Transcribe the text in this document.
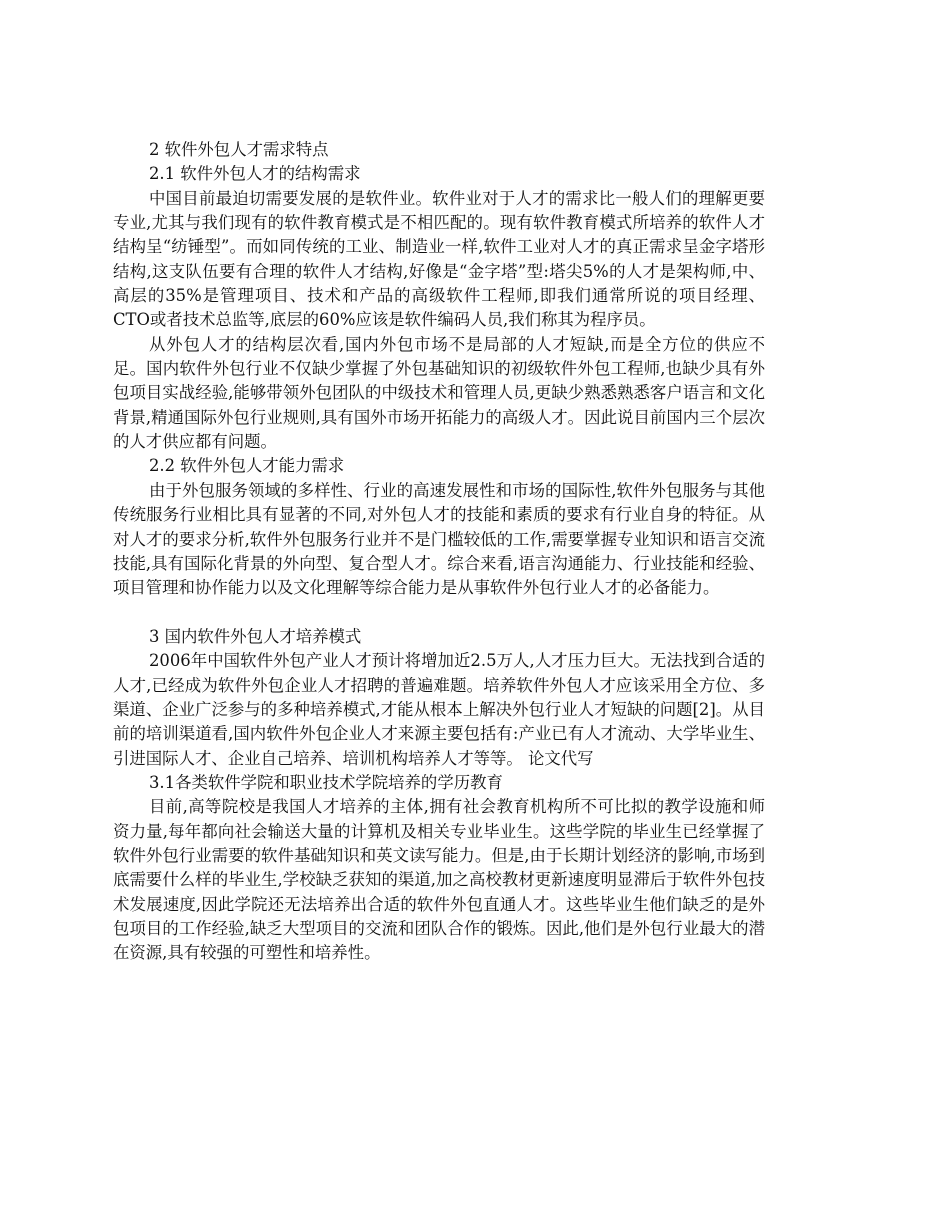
2 软件外包人才需求特点
2.1 软件外包人才的结构需求

中国目前最迫切需要发展的是软件业。软件业对于人才的需求比一般人们的理解更要专业,尤其与我们现有的软件教育模式是不相匹配的。现有软件教育模式所培养的软件人才结构呈“纺锤型”。而如同传统的工业、制造业一样,软件工业对人才的真正需求呈金字塔形结构,这支队伍要有合理的软件人才结构,好像是“金字塔”型:塔尖5%的人才是架构师,中、高层的35%是管理项目、技术和产品的高级软件工程师,即我们通常所说的项目经理、CTO或者技术总监等,底层的60%应该是软件编码人员,我们称其为程序员。

从外包人才的结构层次看,国内外包市场不是局部的人才短缺,而是全方位的供应不足。国内软件外包行业不仅缺少掌握了外包基础知识的初级软件外包工程师,也缺少具有外包项目实战经验,能够带领外包团队的中级技术和管理人员,更缺少熟悉熟悉客户语言和文化背景,精通国际外包行业规则,具有国外市场开拓能力的高级人才。因此说目前国内三个层次的人才供应都有问题。

2.2 软件外包人才能力需求

由于外包服务领域的多样性、行业的高速发展性和市场的国际性,软件外包服务与其他传统服务行业相比具有显著的不同,对外包人才的技能和素质的要求有行业自身的特征。从对人才的要求分析,软件外包服务行业并不是门槛较低的工作,需要掌握专业知识和语言交流技能,具有国际化背景的外向型、复合型人才。综合来看,语言沟通能力、行业技能和经验、项目管理和协作能力以及文化理解等综合能力是从事软件外包行业人才的必备能力。

3 国内软件外包人才培养模式

2006年中国软件外包产业人才预计将增加近2.5万人,人才压力巨大。无法找到合适的人才,已经成为软件外包企业人才招聘的普遍难题。培养软件外包人才应该采用全方位、多渠道、企业广泛参与的多种培养模式,才能从根本上解决外包行业人才短缺的问题[2]。从目前的培训渠道看,国内软件外包企业人才来源主要包括有:产业已有人才流动、大学毕业生、引进国际人才、企业自己培养、培训机构培养人才等等。 论文代写

3.1各类软件学院和职业技术学院培养的学历教育

目前,高等院校是我国人才培养的主体,拥有社会教育机构所不可比拟的教学设施和师资力量,每年都向社会输送大量的计算机及相关专业毕业生。这些学院的毕业生已经掌握了软件外包行业需要的软件基础知识和英文读写能力。但是,由于长期计划经济的影响,市场到底需要什么样的毕业生,学校缺乏获知的渠道,加之高校教材更新速度明显滞后于软件外包技术发展速度,因此学院还无法培养出合适的软件外包直通人才。这些毕业生他们缺乏的是外包项目的工作经验,缺乏大型项目的交流和团队合作的锻炼。因此,他们是外包行业最大的潜在资源,具有较强的可塑性和培养性。
